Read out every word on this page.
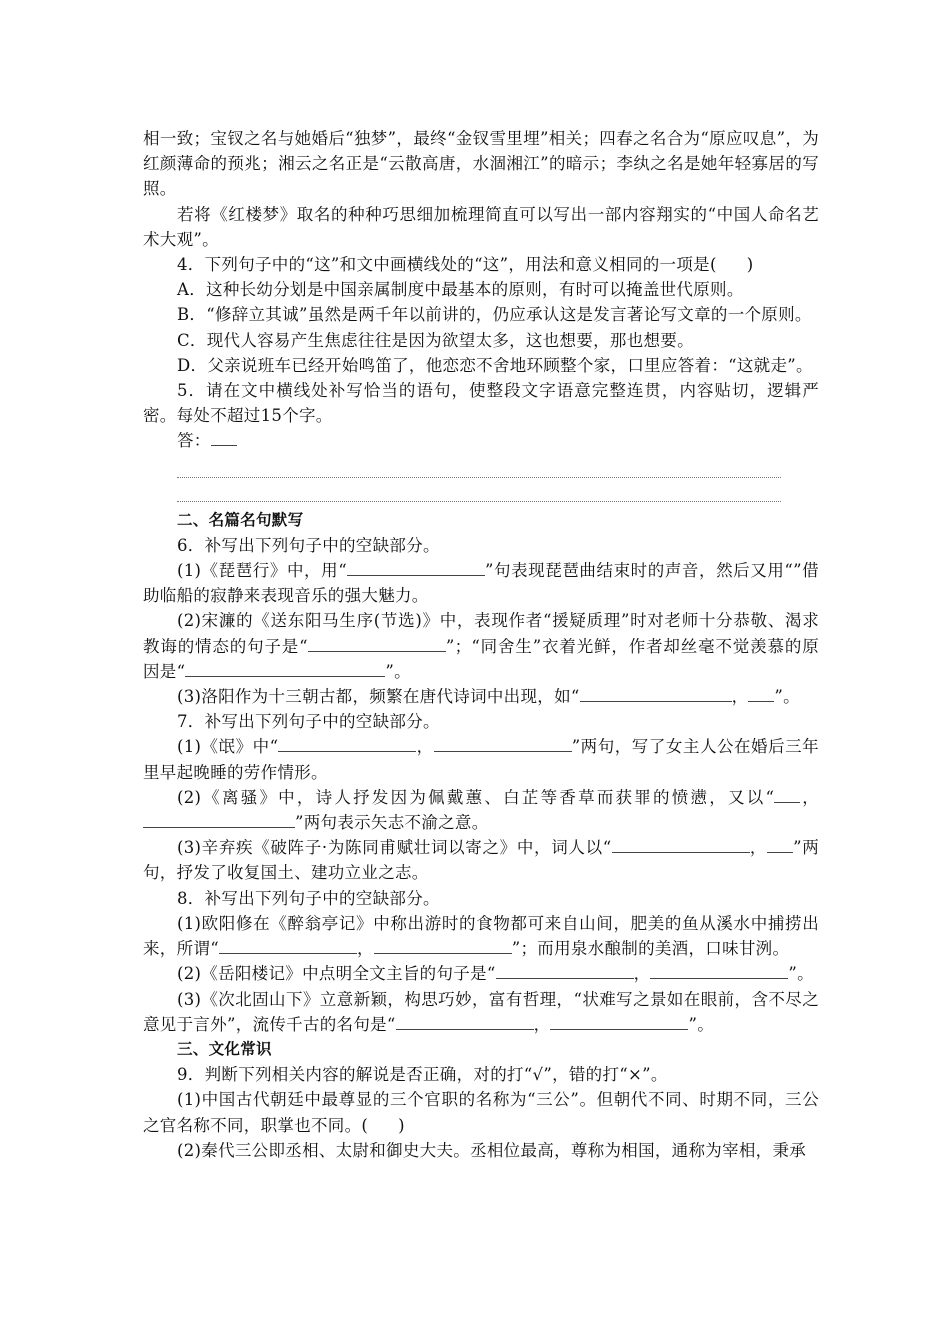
相一致；宝钗之名与她婚后“独梦”，最终“金钗雪里埋”相关；四春之名合为“原应叹息”，为红颜薄命的预兆；湘云之名正是“云散高唐，水涸湘江”的暗示；李纨之名是她年轻寡居的写照。

若将《红楼梦》取名的种种巧思细加梳理简直可以写出一部内容翔实的“中国人命名艺术大观”。

4．下列句子中的“这”和文中画横线处的“这”，用法和意义相同的一项是( )

A．这种长幼分划是中国亲属制度中最基本的原则，有时可以掩盖世代原则。

B．“修辞立其诚”虽然是两千年以前讲的，仍应承认这是发言著论写文章的一个原则。

C．现代人容易产生焦虑往往是因为欲望太多，这也想要，那也想要。

D．父亲说班车已经开始鸣笛了，他恋恋不舍地环顾整个家，口里应答着：“这就走”。

5．请在文中横线处补写恰当的语句，使整段文字语意完整连贯，内容贴切，逻辑严密。每处不超过15个字。

答：

二、名篇名句默写

6．补写出下列句子中的空缺部分。

(1)《琵琶行》中，用“	”句表现琵琶曲结束时的声音，然后又用“”借助临船的寂静来表现音乐的强大魅力。

(2)宋濂的《送东阳马生序(节选)》中，表现作者“援疑质理”时对老师十分恭敬、渴求教诲的情态的句子是“	”；“同舍生”衣着光鲜，作者却丝毫不觉羡慕的原因是“	”。

(3)洛阳作为十三朝古都，频繁在唐代诗词中出现，如“	， ”。

7．补写出下列句子中的空缺部分。

(1)《氓》中“	，	”两句，写了女主人公在婚后三年里早起晚睡的劳作情形。

(2)《离骚》中，诗人抒发因为佩戴蕙、白芷等香草而获罪的愤懑，又以“ ，”两句表示矢志不渝之意。

(3)辛弃疾《破阵子·为陈同甫赋壮词以寄之》中，词人以“	， ”两句，抒发了收复国土、建功立业之志。

8．补写出下列句子中的空缺部分。

(1)欧阳修在《醉翁亭记》中称出游时的食物都可来自山间，肥美的鱼从溪水中捕捞出来，所谓“	，	”；而用泉水酿制的美酒，口味甘洌。

(2)《岳阳楼记》中点明全文主旨的句子是“	，	”。

(3)《次北固山下》立意新颖，构思巧妙，富有哲理，“状难写之景如在眼前，含不尽之意见于言外”，流传千古的名句是“	，	”。

三、文化常识

9．判断下列相关内容的解说是否正确，对的打“√”，错的打“×”。

(1)中国古代朝廷中最尊显的三个官职的名称为“三公”。但朝代不同、时期不同，三公之官名称不同，职掌也不同。( )

(2)秦代三公即丞相、太尉和御史大夫。丞相位最高，尊称为相国，通称为宰相，秉承
